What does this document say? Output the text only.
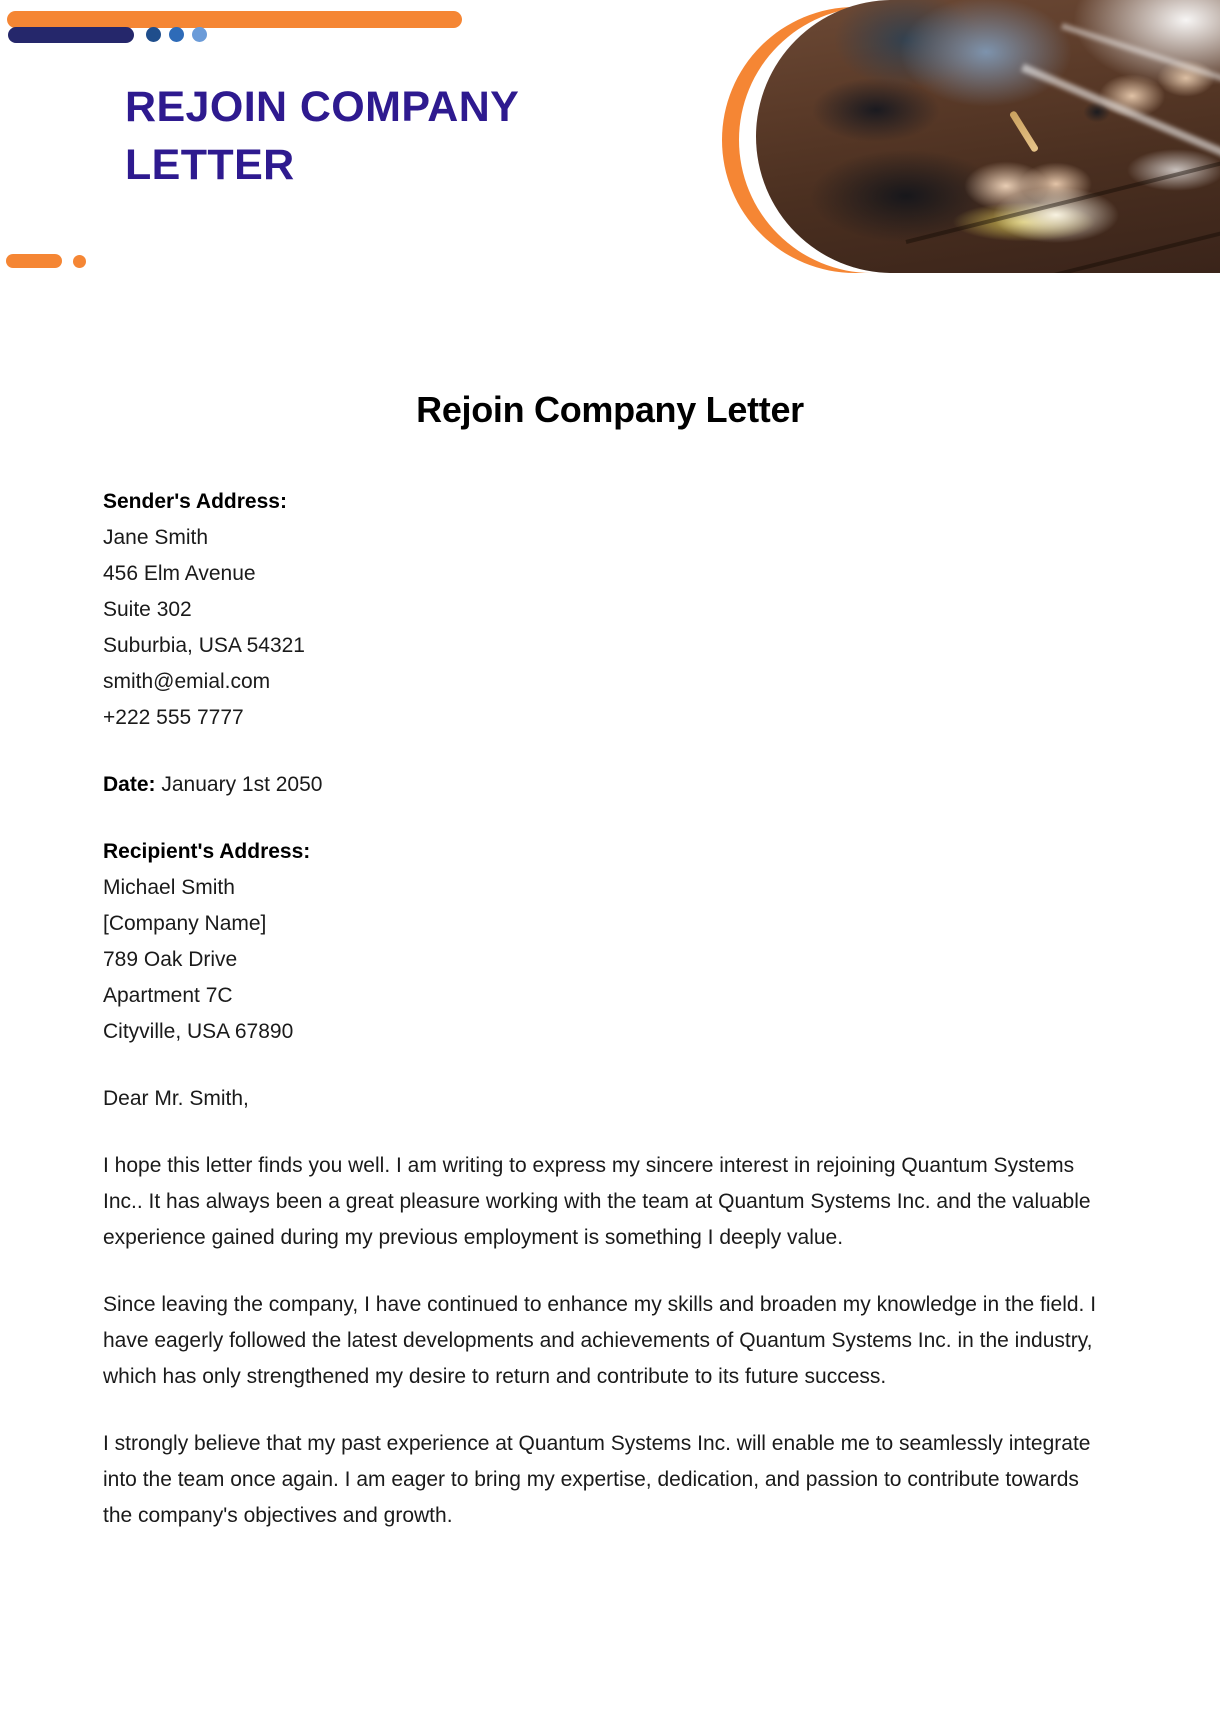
REJOIN COMPANY LETTER
Rejoin Company Letter
Sender's Address:
Jane Smith
456 Elm Avenue
Suite 302
Suburbia, USA 54321
smith@emial.com
+222 555 7777
Date: January 1st 2050
Recipient's Address:
Michael Smith
[Company Name]
789 Oak Drive
Apartment 7C
Cityville, USA 67890
Dear Mr. Smith,
I hope this letter finds you well. I am writing to express my sincere interest in rejoining Quantum Systems Inc.. It has always been a great pleasure working with the team at Quantum Systems Inc. and the valuable experience gained during my previous employment is something I deeply value.
Since leaving the company, I have continued to enhance my skills and broaden my knowledge in the field. I have eagerly followed the latest developments and achievements of Quantum Systems Inc. in the industry, which has only strengthened my desire to return and contribute to its future success.
I strongly believe that my past experience at Quantum Systems Inc. will enable me to seamlessly integrate into the team once again. I am eager to bring my expertise, dedication, and passion to contribute towards the company's objectives and growth.
